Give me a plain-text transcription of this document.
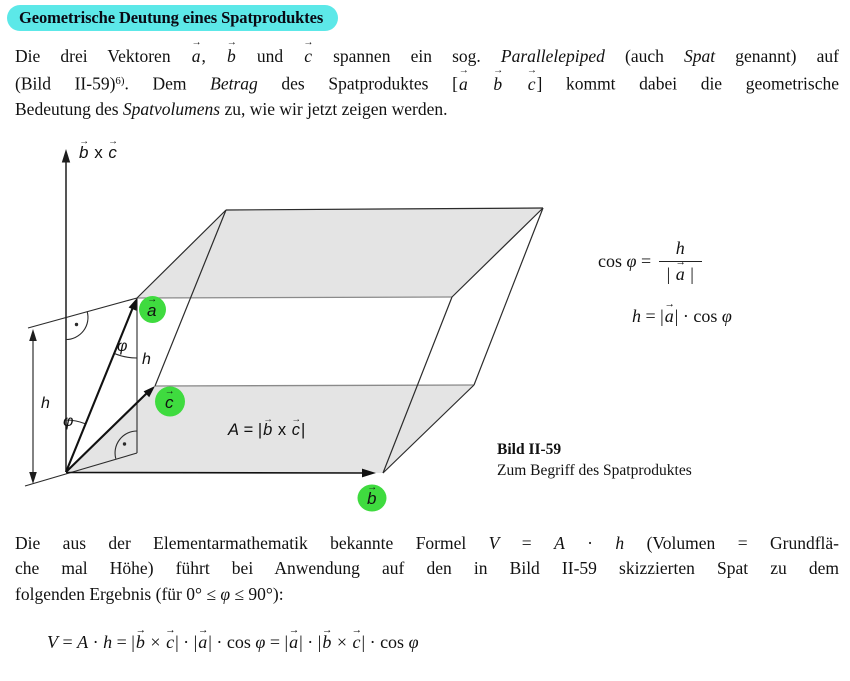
Geometrische Deutung eines Spatproduktes
Die drei Vektoren a →, b → und c → spannen ein sog. Parallelepiped (auch Spat genannt) auf
(Bild II-59)$^{6)}$. Dem Betrag des Spatproduktes [a → b → c →] kommt dabei die geometrische
Bedeutung des Spatvolumens zu, wie wir jetzt zeigen werden.
b → x c →
a →
c →
b →
φ
φ
h
h
A = |b → x c →|
$\cos \varphi = \frac{h}{| a \to |}$
h = | a → | · cos φ
Bild II-59
Zum Begriff des Spatproduktes
Die aus der Elementarmathematik bekannte Formel V = A · h (Volumen = Grundflä-
che mal Höhe) führt bei Anwendung auf den in Bild II-59 skizzierten Spat zu dem
folgenden Ergebnis (für 0° ≤ φ ≤ 90°):
V = A · h = |b → × c →| · |a →| · cos φ = |a →| · |b → × c →| · cos φ
